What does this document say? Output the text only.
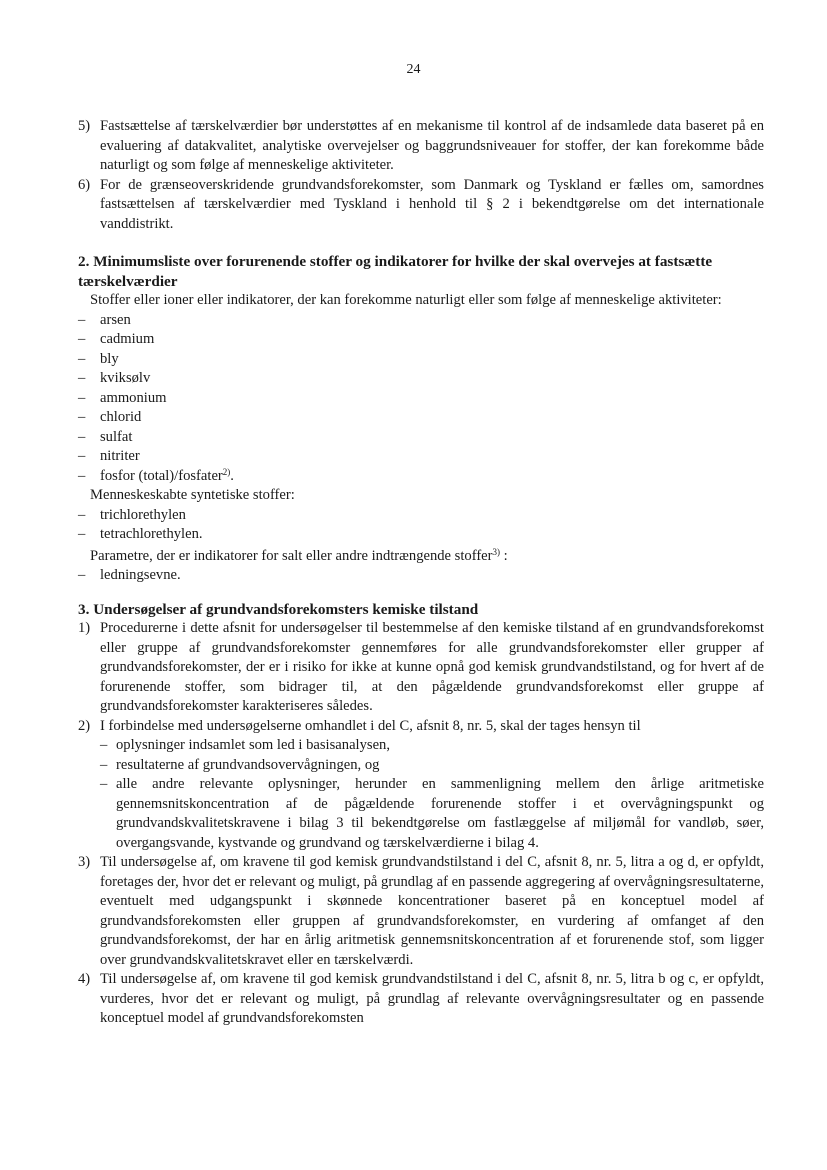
24
5) Fastsættelse af tærskelværdier bør understøttes af en mekanisme til kontrol af de indsamlede data baseret på en evaluering af datakvalitet, analytiske overvejelser og baggrundsniveauer for stoffer, der kan forekomme både naturligt og som følge af menneskelige aktiviteter.
6) For de grænseoverskridende grundvandsforekomster, som Danmark og Tyskland er fælles om, samordnes fastsættelsen af tærskelværdier med Tyskland i henhold til § 2 i bekendtgørelse om det internationale vanddistrikt.
2. Minimumsliste over forurenende stoffer og indikatorer for hvilke der skal overvejes at fastsætte tærskelværdier
Stoffer eller ioner eller indikatorer, der kan forekomme naturligt eller som følge af menneskelige aktiviteter:
–	arsen
–	cadmium
–	bly
–	kviksølv
–	ammonium
–	chlorid
–	sulfat
–	nitriter
–	fosfor (total)/fosfater$^{2)}$.
Menneskeskabte syntetiske stoffer:
–	trichlorethylen
–	tetrachlorethylen.
Parametre, der er indikatorer for salt eller andre indtrængende stoffer$^{3)}$ :
–	ledningsevne.
3. Undersøgelser af grundvandsforekomsters kemiske tilstand
1) Procedurerne i dette afsnit for undersøgelser til bestemmelse af den kemiske tilstand af en grundvandsforekomst eller gruppe af grundvandsforekomster gennemføres for alle grundvandsforekomster eller grupper af grundvandsforekomster, der er i risiko for ikke at kunne opnå god kemisk grundvandstilstand, og for hvert af de forurenende stoffer, som bidrager til, at den pågældende grundvandsforekomst eller gruppe af grundvandsforekomster karakteriseres således.
2) I forbindelse med undersøgelserne omhandlet i del C, afsnit 8, nr. 5, skal der tages hensyn til
– oplysninger indsamlet som led i basisanalysen,
– resultaterne af grundvandsovervågningen, og
– alle andre relevante oplysninger, herunder en sammenligning mellem den årlige aritmetiske gennemsnitskoncentration af de pågældende forurenende stoffer i et overvågningspunkt og grundvandskvalitetskravene i bilag 3 til bekendtgørelse om fastlæggelse af miljømål for vandløb, søer, overgangsvande, kystvande og grundvand og tærskelværdierne i bilag 4.
3) Til undersøgelse af, om kravene til god kemisk grundvandstilstand i del C, afsnit 8, nr. 5, litra a og d, er opfyldt, foretages der, hvor det er relevant og muligt, på grundlag af en passende aggregering af overvågningsresultaterne, eventuelt med udgangspunkt i skønnede koncentrationer baseret på en konceptuel model af grundvandsforekomsten eller gruppen af grundvandsforekomster, en vurdering af omfanget af den grundvandsforekomst, der har en årlig aritmetisk gennemsnitskoncentration af et forurenende stof, som ligger over grundvandskvalitetskravet eller en tærskelværdi.
4) Til undersøgelse af, om kravene til god kemisk grundvandstilstand i del C, afsnit 8, nr. 5, litra b og c, er opfyldt, vurderes, hvor det er relevant og muligt, på grundlag af relevante overvågningsresultater og en passende konceptuel model af grundvandsforekomsten
